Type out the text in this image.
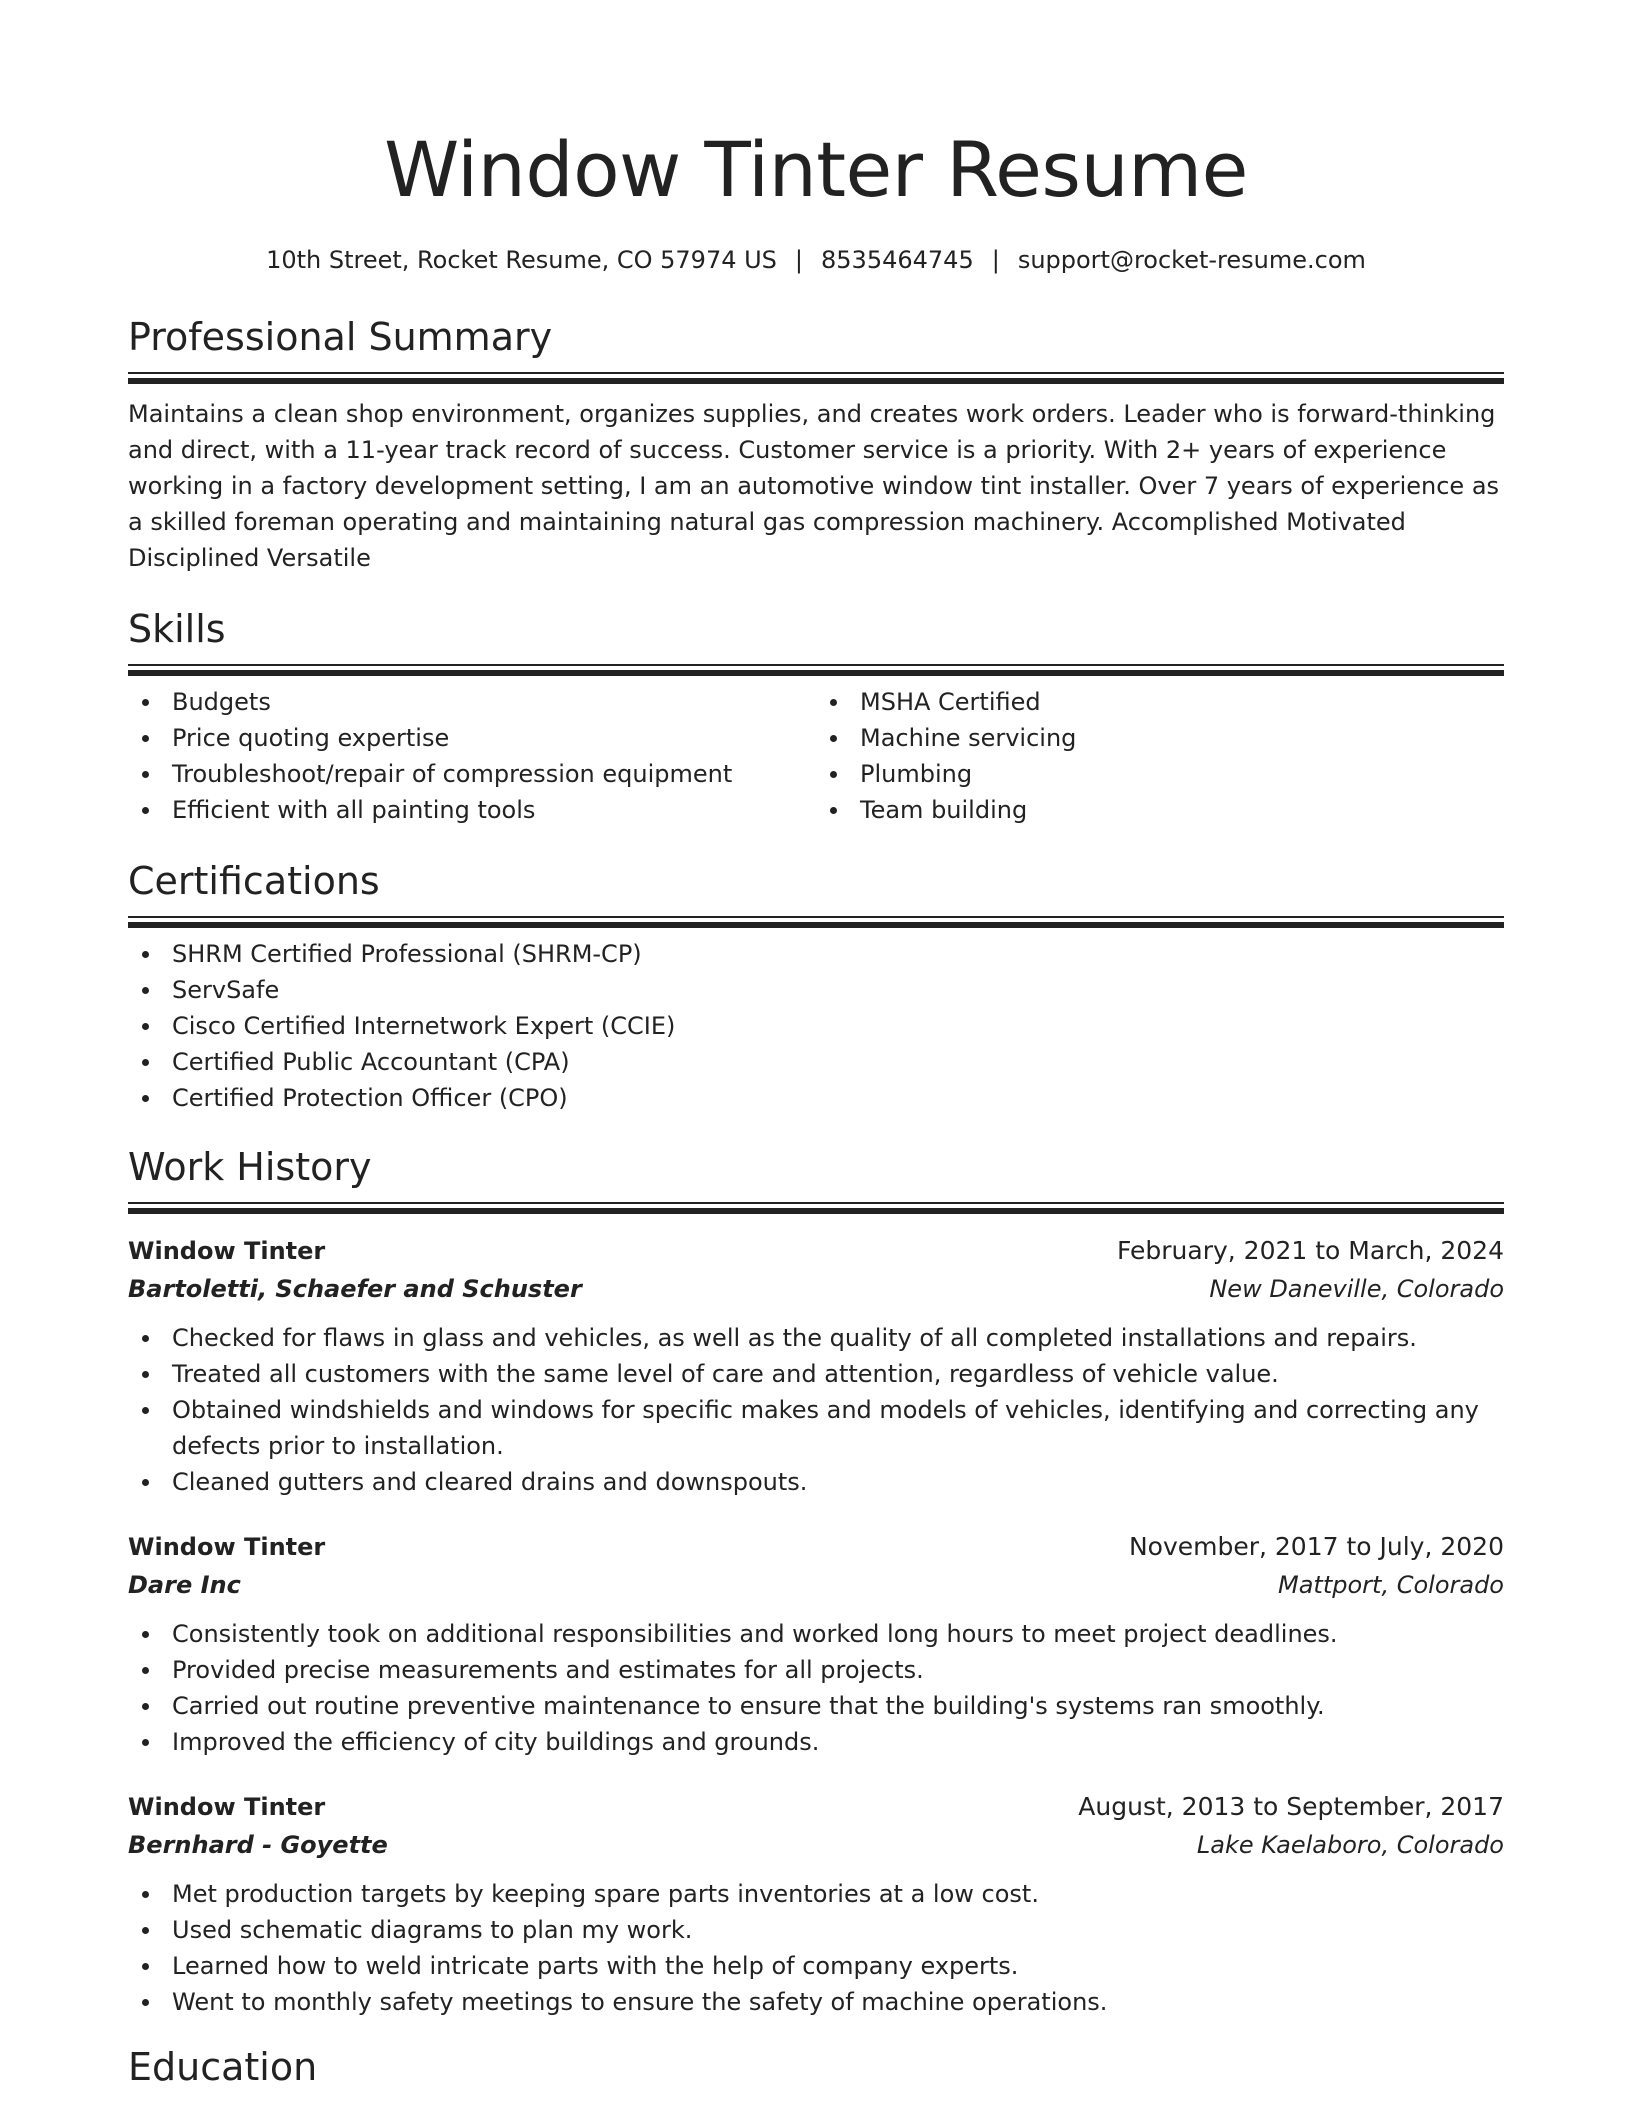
Window Tinter Resume
10th Street, Rocket Resume, CO 57974 US | 8535464745 | support@rocket-resume.com
Professional Summary

Maintains a clean shop environment, organizes supplies, and creates work orders. Leader who is forward-thinking and direct, with a 11-year track record of success. Customer service is a priority. With 2+ years of experience working in a factory development setting, I am an automotive window tint installer. Over 7 years of experience as a skilled foreman operating and maintaining natural gas compression machinery. Accomplished Motivated Disciplined Versatile

Skills
Budgets
Price quoting expertise
Troubleshoot/repair of compression equipment
Efficient with all painting tools
MSHA Certified
Machine servicing
Plumbing
Team building
Certifications
SHRM Certified Professional (SHRM-CP)
ServSafe
Cisco Certified Internetwork Expert (CCIE)
Certified Public Accountant (CPA)
Certified Protection Officer (CPO)
Work History
Window Tinter	February, 2021 to March, 2024
Bartoletti, Schaefer and Schuster	New Daneville, Colorado
Checked for flaws in glass and vehicles, as well as the quality of all completed installations and repairs.
Treated all customers with the same level of care and attention, regardless of vehicle value.
Obtained windshields and windows for specific makes and models of vehicles, identifying and correcting any defects prior to installation.
Cleaned gutters and cleared drains and downspouts.
Window Tinter	November, 2017 to July, 2020
Dare Inc	Mattport, Colorado
Consistently took on additional responsibilities and worked long hours to meet project deadlines.
Provided precise measurements and estimates for all projects.
Carried out routine preventive maintenance to ensure that the building's systems ran smoothly.
Improved the efficiency of city buildings and grounds.
Window Tinter	August, 2013 to September, 2017
Bernhard - Goyette	Lake Kaelaboro, Colorado
Met production targets by keeping spare parts inventories at a low cost.
Used schematic diagrams to plan my work.
Learned how to weld intricate parts with the help of company experts.
Went to monthly safety meetings to ensure the safety of machine operations.
Education
